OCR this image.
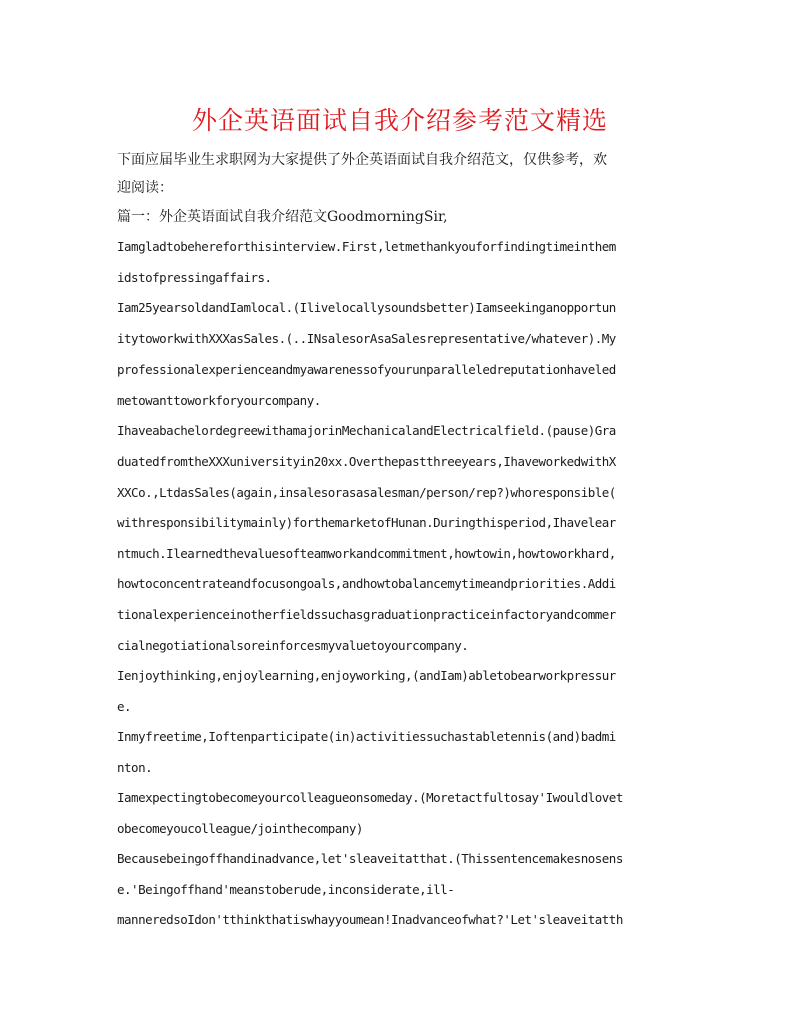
外企英语面试自我介绍参考范文精选
下面应届毕业生求职网为大家提供了外企英语面试自我介绍范文，仅供参考，欢
迎阅读：
篇一：外企英语面试自我介绍范文GoodmorningSir,
Iamgladtobehereforthisinterview.First,letmethankyouforfindingtimeinthem
idstofpressingaffairs.
Iam25yearsoldandIamlocal.(Ilivelocallysoundsbetter)Iamseekinganopportun
itytoworkwithXXXasSales.(..INsalesorAsaSalesrepresentative/whatever).My
professionalexperienceandmyawarenessofyourunparalleledreputationhaveled
metowanttoworkforyourcompany.
IhaveabachelordegreewithamajorinMechanicalandElectricalfield.(pause)Gra
duatedfromtheXXXuniversityin20xx.Overthepastthreeyears,IhaveworkedwithX
XXCo.,LtdasSales(again,insalesorasasalesman/person/rep?)whoresponsible(
withresponsibilitymainly)forthemarketofHunan.Duringthisperiod,Ihavelear
ntmuch.Ilearnedthevaluesofteamworkandcommitment,howtowin,howtoworkhard,
howtoconcentrateandfocusongoals,andhowtobalancemytimeandpriorities.Addi
tionalexperienceinotherfieldssuchasgraduationpracticeinfactoryandcommer
cialnegotiationalsoreinforcesmyvaluetoyourcompany.
Ienjoythinking,enjoylearning,enjoyworking,(andIam)abletobearworkpressur
e.
Inmyfreetime,Ioftenparticipate(in)activitiessuchastabletennis(and)badmi
nton.
Iamexpectingtobecomeyourcolleagueonsomeday.(Moretactfultosay'Iwouldlovet
obecomeyoucolleague/jointhecompany)
Becausebeingoffhandinadvance,let'sleaveitatthat.(Thissentencemakesnosens
e.'Beingoffhand'meanstoberude,inconsiderate,ill-
manneredsoIdon'tthinkthatiswhayyoumean!Inadvanceofwhat?'Let'sleaveitatth
